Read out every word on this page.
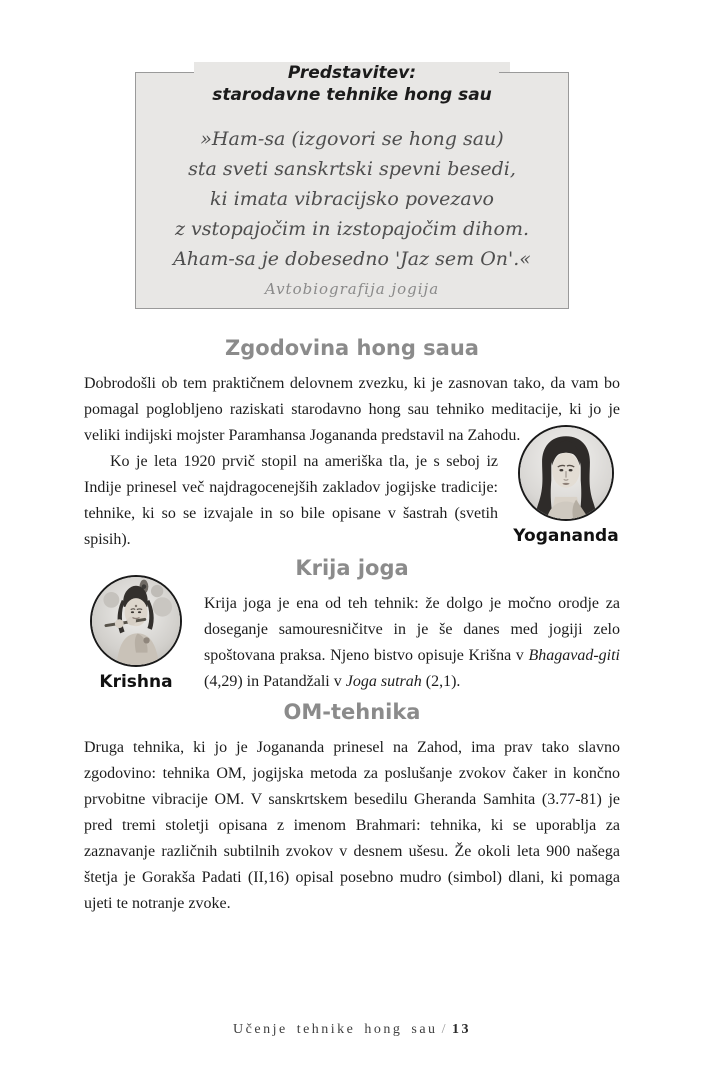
Predstavitev:
starodavne tehnike hong sau
»Ham-sa (izgovori se hong sau)
sta sveti sanskrtski spevni besedi,
ki imata vibracijsko povezavo
z vstopajočim in izstopajočim dihom.
Aham-sa je dobesedno 'Jaz sem On'.«
Avtobiografija jogija
Zgodovina hong saua

Dobrodošli ob tem praktičnem delovnem zvezku, ki je zasnovan tako, da vam bo pomagal poglobljeno raziskati starodavno hong sau tehniko meditacije, ki jo je veliki indijski mojster Paramhansa Jogananda predstavil na Zahodu.

Yogananda

Ko je leta 1920 prvič stopil na ameriška tla, je s seboj iz Indije prinesel več najdragocenejših zakladov jogijske tradicije: tehnike, ki so se izvajale in so bile opisane v šastrah (svetih spisih).

Krija joga
Krishna

Krija joga je ena od teh tehnik: že dolgo je močno orodje za doseganje samouresničitve in je še danes med jogiji zelo spoštovana praksa. Njeno bistvo opisuje Krišna v Bhagavad-giti (4,29) in Patandžali v Joga sutrah (2,1).

OM-tehnika

Druga tehnika, ki jo je Jogananda prinesel na Zahod, ima prav tako slavno zgodovino: tehnika OM, jogijska metoda za poslušanje zvokov čaker in končno prvobitne vibracije OM. V sanskrtskem besedilu Gheranda Samhita (3.77-81) je pred tremi stoletji opisana z imenom Brahmari: tehnika, ki se uporablja za zaznavanje različnih subtilnih zvokov v desnem ušesu. Že okoli leta 900 našega štetja je Gorakša Padati (II,16) opisal posebno mudro (simbol) dlani, ki pomaga ujeti te notranje zvoke.

Učenje tehnike hong sau / 13
